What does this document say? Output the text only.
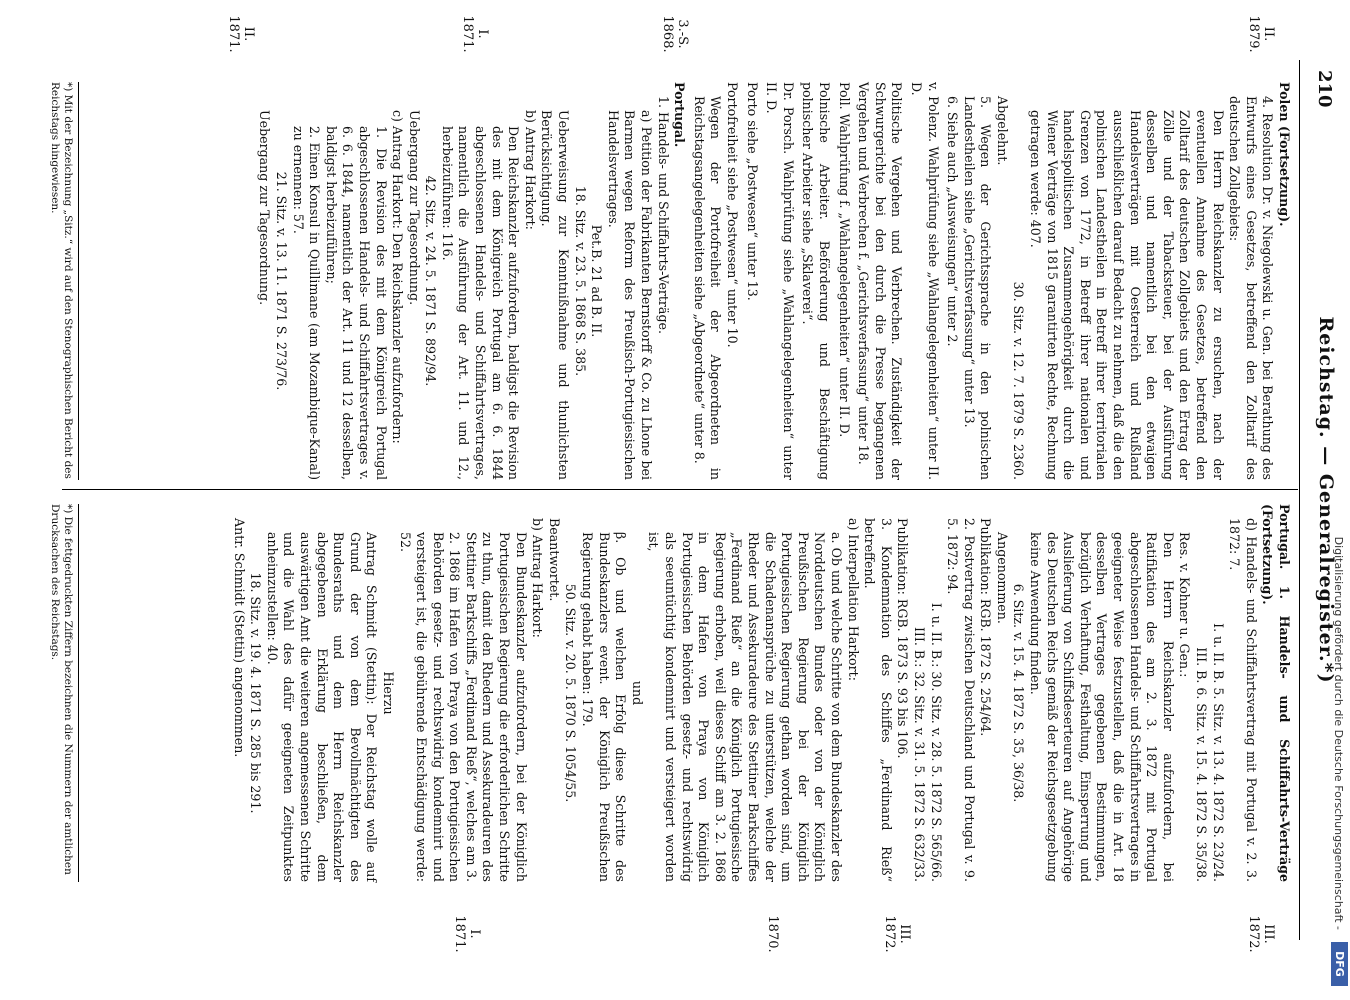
Digitalisierung gefördert durch die Deutsche Forschungsgemeinschaft -
DFG
210
Reichstag. — Generalregister.*)
II.
1879.
3.-S.
1868.
I.
1871.
II.
1871.
III.
1872.
III.
1872.
1870.
I.
1871.

Polen (Fortsetzung).

4. Resolution Dr. v. Niegolewski u. Gen. bei Berathung des Entwurfs eines Gesetzes, betreffend den Zolltarif des deutschen Zollgebiets:

Den Herrn Reichskanzler zu ersuchen, nach der eventuellen Annahme des Gesetzes, betreffend den Zolltarif des deutschen Zollgebiets und den Ertrag der Zölle und der Tabacksteuer, bei der Ausführung desselben und namentlich bei den etwaigen Handelsverträgen mit Oesterreich und Rußland ausschließlichen darauf Bedacht zu nehmen, daß die den polnischen Landestheilen in Betreff ihrer territorialen Grenzen von 1772, in Betreff ihrer nationalen und handelspolitischen Zusammengehörigkeit durch die Wiener Verträge von 1815 garantirten Rechte, Rechnung getragen werde: 407.

30. Sitz. v. 12. 7. 1879 S. 2360.

Abgelehnt.

5. Wegen der Gerichtssprache in den polnischen Landestheilen siehe „Gerichtsverfassung“ unter 13.

6. Siehe auch „Ausweisungen“ unter 2.

v. Polenz. Wahlprüfung siehe „Wahlangelegenheiten“ unter II. D.

Politische Vergehen und Verbrechen. Zuständigkeit der Schwurgerichte bei den durch die Presse begangenen Vergehen und Verbrechen f. „Gerichtsverfassung“ unter 18.

Poll. Wahlprüfung f. „Wahlangelegenheiten“ unter II. D.

Polnische Arbeiter. Beförderung und Beschäftigung polnischer Arbeiter siehe „Sklaverei“.

Dr. Porsch. Wahlprüfung siehe „Wahlangelegenheiten“ unter II. D.

Porto siehe „Postwesen“ unter 13.

Portofreiheit siehe „Postwesen“ unter 10.

Wegen der Portofreiheit der Abgeordneten in Reichstagsangelegenheiten siehe „Abgeordnete“ unter 8.

Portugal.

1. Handels- und Schiffahrts-Verträge.

a) Petition der Fabrikanten Bernstorff & Co. zu Lhone bei Barmen wegen Reform des Preußisch-Portugiesischen Handelsvertrages.

Pet.B. 21 ad B. II.

18. Sitz. v. 23. 5. 1868 S. 385.

Ueberweisung zur Kenntnißnahme und thunlichsten Berücksichtigung.

b) Antrag Harkort:

Den Reichskanzler aufzufordern, baldigst die Revision des mit dem Königreich Portugal am 6. 6. 1844 abgeschlossenen Handels- und Schiffahrtsvertrages, namentlich die Ausführung der Art. 11. und 12., herbeizuführen: 116.

42. Sitz. v. 24. 5. 1871 S. 892/94.

Uebergang zur Tagesordnung.

c) Antrag Harkort: Den Reichskanzler aufzufordern:

1. Die Revision des mit dem Königreich Portugal abgeschlossenen Handels- und Schiffahrtsvertrages v. 6. 6. 1844, namentlich der Art. 11 und 12 desselben, baldigst herbeizuführen;

2. Einen Konsul in Quillimane (am Mozambique-Kanal) zu ernennen: 57.

21. Sitz. v. 13. 11. 1871 S. 273/76.

Uebergang zur Tagesordnung.

Portugal. 1. Handels- und Schiffahrts-Verträge (Fortsetzung).

d) Handels- und Schiffahrtsvertrag mit Portugal v. 2. 3. 1872: 7.

I. u. II. B. 5. Sitz. v. 13. 4. 1872 S. 23/24.

III. B. 6. Sitz. v. 15. 4. 1872 S. 35/38.

Res. v. Kohner u. Gen.:

Den Herrn Reichskanzler aufzufordern, bei Ratifikation des am 2. 3. 1872 mit Portugal abgeschlossenen Handels- und Schiffahrtsvertrages in geeigneter Weise festzustellen, daß die in Art. 18 desselben Vertrages gegebenen Bestimmungen, bezüglich Verhaftung, Festhaltung, Einsperrung und Auslieferung von Schiffsdeserteuren auf Angehörige des Deutschen Reichs gemäß der Reichsgesetzgebung keine Anwendung finden.

6. Sitz. v. 15. 4. 1872 S. 35, 36/38.

Angenommen.

Publikation: RGB. 1872 S. 254/64.

2. Postvertrag zwischen Deutschland und Portugal v. 9. 5. 1872: 94.

I. u. II. B.: 30. Sitz. v. 28. 5. 1872 S. 565/66.

III. B.: 32. Sitz. v. 31. 5. 1872 S. 632/33.

Publikation: RGB. 1873 S. 93 bis 106.

3. Kondemnation des Schiffes „Ferdinand Rieß“ betreffend.

a) Interpellation Harkort:

a. Ob und welche Schritte von dem Bundeskanzler des Norddeutschen Bundes oder von der Königlich Preußischen Regierung bei der Königlich Portugiesischen Regierung gethan worden sind, um die Schadenansprüche zu unterstützen, welche der Rheder und Assekuradeure des Stettiner Barkschiffes „Ferdinand Rieß“ an die Königlich Portugiesische Regierung erhoben, weil dieses Schiff am 3. 2. 1868 in dem Hafen von Praya von Königlich Portugiesischen Behörden gesetz- und rechtswidrig als seeuntüchtig kondemnirt und versteigert worden ist,

und

β. Ob und welchen Erfolg diese Schritte des Bundeskanzlers event. der Königlich Preußischen Regierung gehabt haben: 179.

50. Sitz. v. 20. 5. 1870 S. 1054/55.

Beantwortet.

b) Antrag Harkort:

Den Bundeskanzler aufzufordern, bei der Königlich Portugiesischen Regierung die erforderlichen Schritte zu thun, damit den Rhedern und Assekuradeuren des Stettiner Barkschiffs „Ferdinand Rieß“, welches am 3. 2. 1868 im Hafen von Praya von den Portugiesischen Behörden gesetz- und rechtswidrig kondemnirt und versteigert ist, die gebührende Entschädigung werde: 52.

Hierzu

Antrag Schmidt (Stettin): Der Reichstag wolle auf Grund der von dem Bevollmächtigten des Bundesraths und dem Herrn Reichskanzler abgegebenen Erklärung beschließen, dem auswärtigen Amt die weiteren angemessenen Schritte und die Wahl des dafür geeigneten Zeitpunktes anheimzustellen: 40.

18. Sitz. v. 19. 4. 1871 S. 285 bis 291.

Antr. Schmidt (Stettin) angenommen.

*) Mit der Bezeichnung „Sitz.“ wird auf den Stenographischen Bericht des Reichstags hingewiesen.
*) Die fettgedruckten Ziffern bezeichnen die Nummern der amtlichen Drucksachen des Reichstags.
